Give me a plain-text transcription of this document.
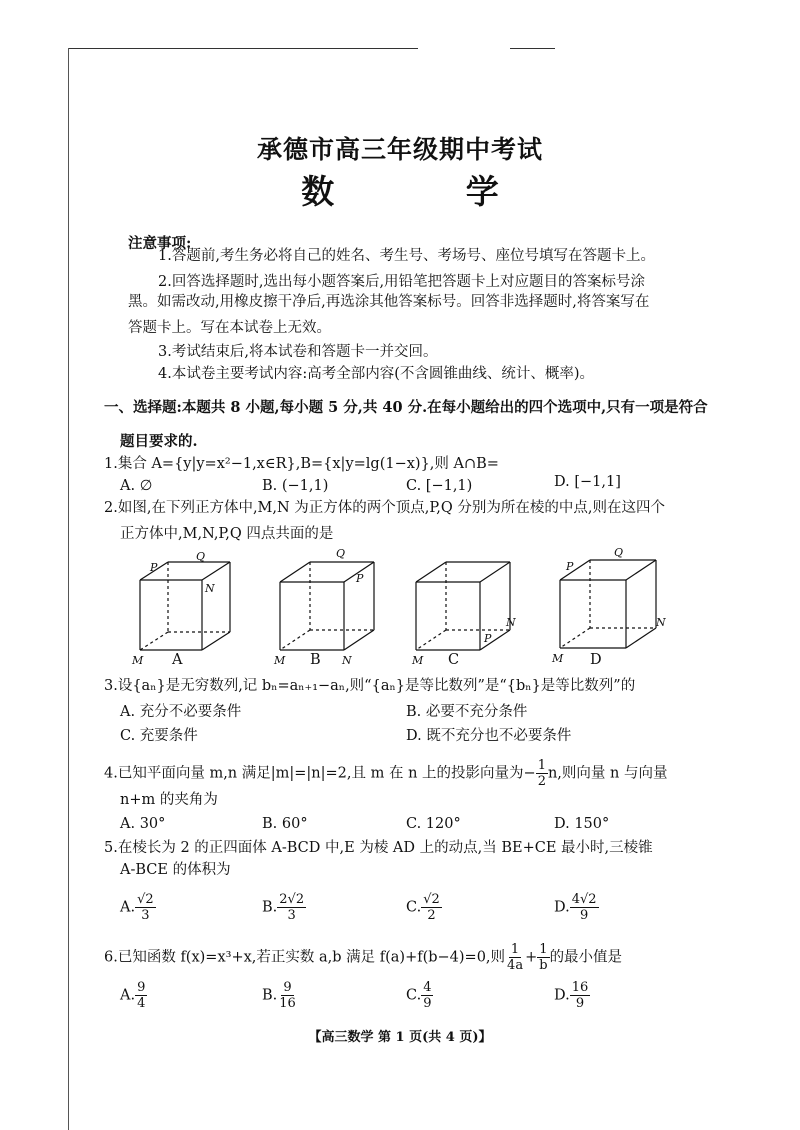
承德市高三年级期中考试
数 学
注意事项:
1.答题前,考生务必将自己的姓名、考生号、考场号、座位号填写在答题卡上。
2.回答选择题时,选出每小题答案后,用铅笔把答题卡上对应题目的答案标号涂
黑。如需改动,用橡皮擦干净后,再选涂其他答案标号。回答非选择题时,将答案写在
答题卡上。写在本试卷上无效。
3.考试结束后,将本试卷和答题卡一并交回。
4.本试卷主要考试内容:高考全部内容(不含圆锥曲线、统计、概率)。
一、选择题:本题共 8 小题,每小题 5 分,共 40 分.在每小题给出的四个选项中,只有一项是符合
题目要求的.
1.集合 A={y|y=x²−1,x∈R},B={x|y=lg(1−x)},则 A∩B=
A. ∅	B. (−1,1)	C. [−1,1)	D. [−1,1]
2.如图,在下列正方体中,M,N 为正方体的两个顶点,P,Q 分别为所在棱的中点,则在这四个
正方体中,M,N,P,Q 四点共面的是
P
Q
N
M
Q
P
M	N	M
P
N
P
Q
M
N
A	B	C	D
3.设{aₙ}是无穷数列,记 bₙ=aₙ₊₁−aₙ,则“{aₙ}是等比数列”是“{bₙ}是等比数列”的
A. 充分不必要条件	B. 必要不充分条件
C. 充要条件	D. 既不充分也不必要条件
4.已知平面向量 m,n 满足|m|=|n|=2,且 m 在 n 上的投影向量为− $\frac{1}{2} n$,则向量 n 与向量
n+m 的夹角为
A. 30°	B. 60°	C. 120°	D. 150°
5.在棱长为 2 的正四面体 A-BCD 中,E 为棱 AD 上的动点,当 BE+CE 最小时,三棱锥
A-BCE 的体积为
A. $\frac{√2}{3}$	B. $\frac{2√2}{3}$	C. $\frac{√2}{2}$	D. $\frac{4√2}{9}$
6.已知函数 f(x)=x³+x,若正实数 a,b 满足 f(a)+f(b−4)=0,则 $\frac{1}{4a} + \frac{1}{b}$ 的最小值是
A. $\frac{9}{4}$	B. $\frac{9}{16}$	C. $\frac{4}{9}$	D. $\frac{16}{9}$
【高三数学 第 1 页(共 4 页)】
